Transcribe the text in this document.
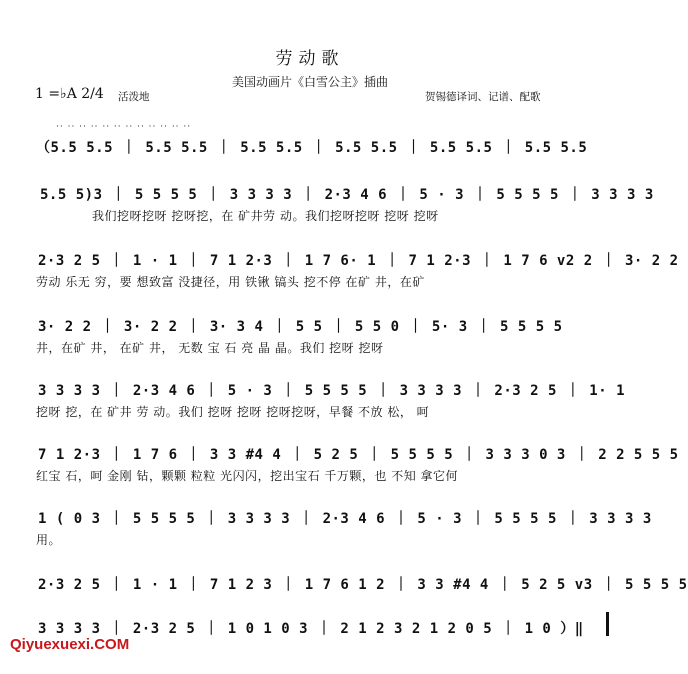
劳动歌
美国动画片《白雪公主》插曲
1 =♭A 2/4 活泼地	贺锡德译词、记谱、配歌
·· ·· ·· ·· ·· ·· ·· ·· ·· ·· ·· ··
（5.5 5.5 ｜ 5.5 5.5 ｜ 5.5 5.5 ｜ 5.5 5.5 ｜ 5.5 5.5 ｜ 5.5 5.5
5.5 5)3 ｜ 5 5 5 5 ｜ 3 3 3 3 ｜ 2·3 4 6 ｜ 5 · 3 ｜ 5 5 5 5 ｜ 3 3 3 3
我们挖呀挖呀 挖呀挖，在 矿井劳 动。我们挖呀挖呀 挖呀 挖呀
2·3 2 5 ｜ 1 · 1 ｜ 7 1 2·3 ｜ 1 7 6· 1 ｜ 7 1 2·3 ｜ 1 7 6 v2 2 ｜ 3· 2 2
劳动 乐无 穷，要 想致富 没捷径，用 铁锹 镐头 挖不停 在矿 井，在矿
3· 2 2 ｜ 3· 2 2 ｜ 3· 3 4 ｜ 5 5 ｜ 5 5 0 ｜ 5· 3 ｜ 5 5 5 5
井，在矿 井， 在矿 井， 无数 宝 石 亮 晶 晶。我们 挖呀 挖呀
3 3 3 3 ｜ 2·3 4 6 ｜ 5 · 3 ｜ 5 5 5 5 ｜ 3 3 3 3 ｜ 2·3 2 5 ｜ 1· 1
挖呀 挖，在 矿井 劳 动。我们 挖呀 挖呀 挖呀挖呀，早餐 不放 松， 呵
7 1 2·3 ｜ 1 7 6 ｜ 3 3 #4 4 ｜ 5 2 5 ｜ 5 5 5 5 ｜ 3 3 3 0 3 ｜ 2 2 5 5 5
红宝 石，呵 金刚 钻，颗颗 粒粒 光闪闪，挖出宝石 千万颗，也 不知 拿它何
1 ( 0 3 ｜ 5 5 5 5 ｜ 3 3 3 3 ｜ 2·3 4 6 ｜ 5 · 3 ｜ 5 5 5 5 ｜ 3 3 3 3
用。
2·3 2 5 ｜ 1 · 1 ｜ 7 1 2 3 ｜ 1 7 6 1 2 ｜ 3 3 #4 4 ｜ 5 2 5 v3 ｜ 5 5 5 5
3 3 3 3 ｜ 2·3 2 5 ｜ 1 0 1 0 3 ｜ 2 1 2 3 2 1 2 0 5 ｜ 1 0 ）‖
Qiyuexuexi.COM
